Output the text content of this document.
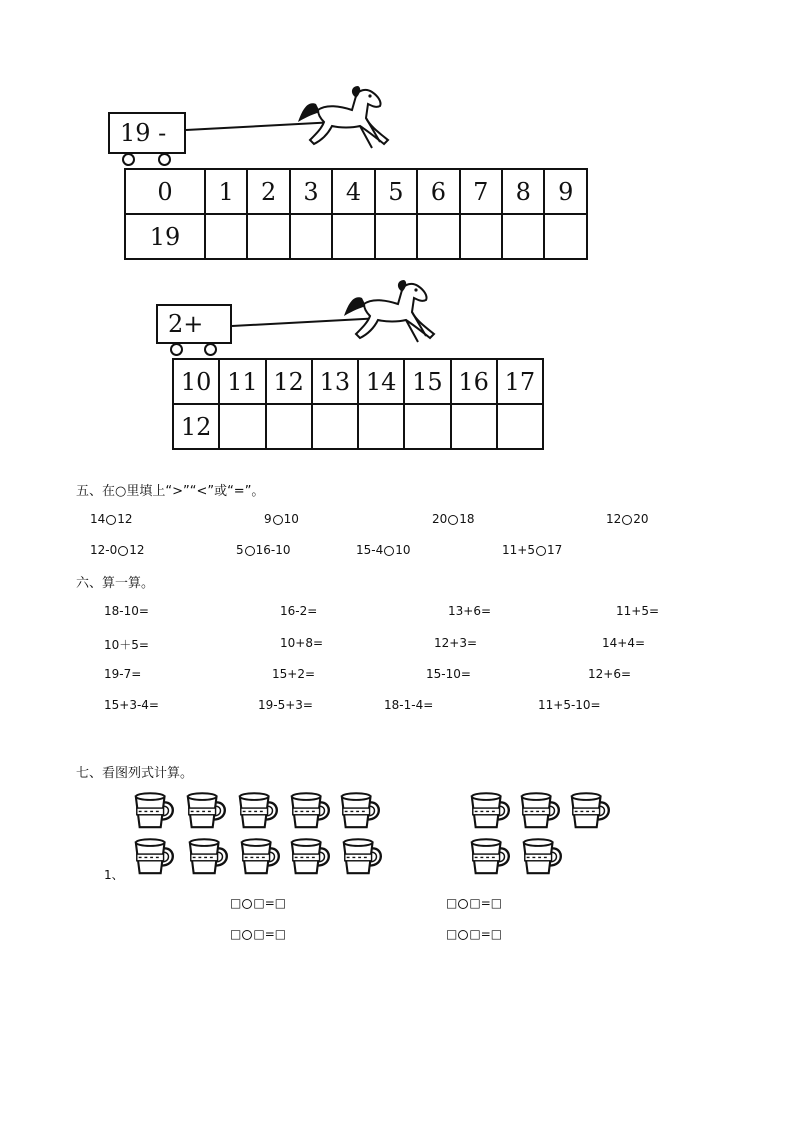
19 -
0	1	2	3	4	5	6	7	8	9
19									
2+
10	11	12	13	14	15	16	17
12							
五、在○里填上“>”“<”或“=”。
14 12	9 10	20 18	12 20
12-0 12	5 16-10	15-4 10	11+5 17
六、算一算。
18-10=	16-2=	13+6=	11+5=
10＋5=	10+8=	12+3=	14+4=
19-7=	15+2=	15-10=	12+6=
15+3-4=	19-5+3=	18-1-4=	11+5-10=
七、看图列式计算。
1、
□ □=□	□ □=□
□ □=□	□ □=□
